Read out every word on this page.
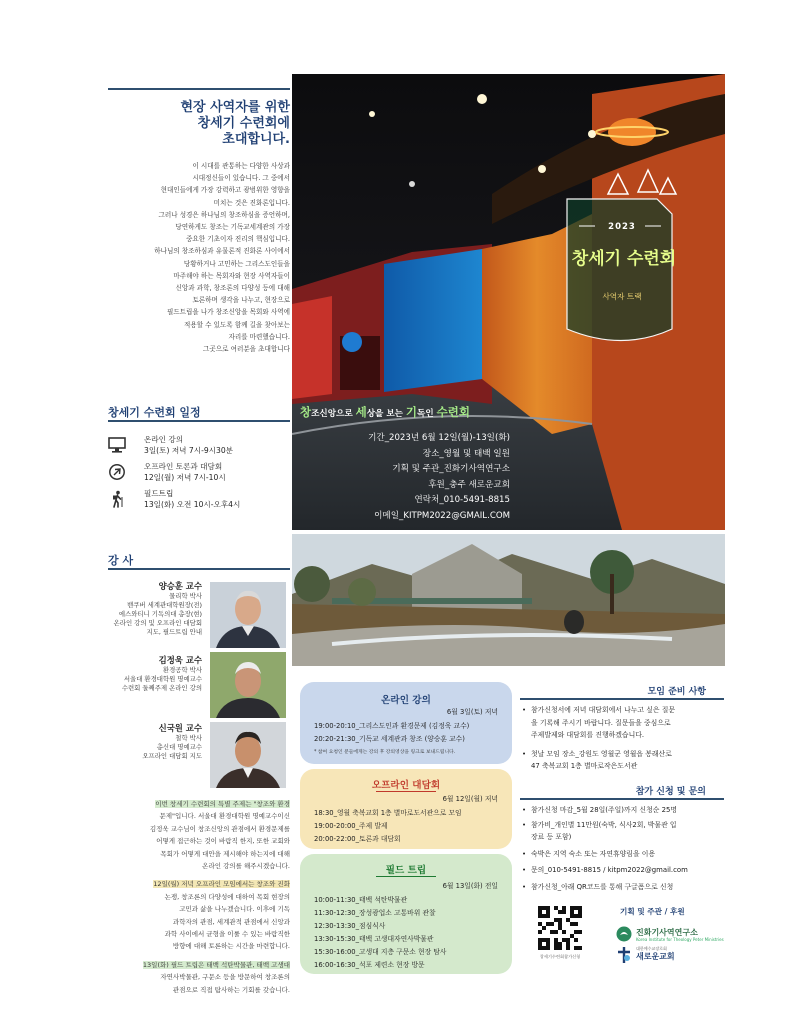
현장 사역자를 위한
창세기 수련회에
초대합니다.
이 시대를 관통하는 다양한 사상과
시대정신들이 있습니다. 그 중에서
현대인들에게 가장 강력하고 광범위한 영향을
미치는 것은 진화론입니다.
그러나 성경은 하나님의 창조하심을 증언하며,
당연하게도 창조는 기독교세계관의 가장
중요한 기초이자 진리의 핵심입니다.
하나님의 창조하심과 유물론적 진화론 사이에서
당황하거나 고민하는 그리스도인들을
마주해야 하는 목회자와 현장 사역자들이
신앙과 과학, 창조론의 다양성 등에 대해
토론하며 생각을 나누고, 현장으로
필드트립을 나가 창조신앙을 목회와 사역에
적용할 수 있도록 함께 길을 찾아보는
자리를 마련했습니다.
그곳으로 여러분을 초대합니다
창세기 수련회 일정
온라인 강의
3일(토) 저녁 7시-9시30분
오프라인 토론과 대담회
12일(월) 저녁 7시-10시
필드트립
13일(화) 오전 10시-오후4시
강 사
양승훈 교수
물리학 박사
밴쿠버 세계관대학원장(전)
에스와티니 기독의대 총장(현)
온라인 강의 및 오프라인 대담회
지도, 필드트립 안내
김정욱 교수
환경공학 박사
서울대 환경대학원 명예교수
수련회 둘째주제 온라인 강의
신국원 교수
철학 박사
총신대 명예교수
오프라인 대담회 지도
이번 창세기 수련회의 특별 주제는 "창조와 환경
문제"입니다. 서울대 환경대학원 명예교수이신
김정욱 교수님이 창조신앙의 관점에서 환경문제를
어떻게 접근하는 것이 바람직 한지, 또한 교회와
목회가 어떻게 대안을 제시해야 하는지에 대해
온라인 강의를 해주시겠습니다.
12일(월) 저녁 오프라인 모임에서는 창조와 진화
논쟁, 창조론의 다양성에 대하여 목회 현장의
고민과 삶을 나누겠습니다. 이후에 기독
과학자의 관점, 세계관적 관점에서 신앙과
과학 사이에서 균형을 이룰 수 있는 바람직한
방향에 대해 토론하는 시간을 마련합니다.
13일(화) 필드 트립은 태백 석탄박물관, 태백 고생대
자연사박물관, 구문소 등을 방문하여 창조론의
관점으로 직접 탐사하는 기회를 갖습니다.
2023
창세기 수련회
사역자 트랙
창조신앙으로 세상을 보는 기독인 수련회
기간_2023년 6월 12일(월)-13일(화)
장소_영월 및 태백 일원
기획 및 주관_진화기사역연구소
후원_충주 새로운교회
연락처_010-5491-8815
이메일_KITPM2022@GMAIL.COM
온라인 강의
6월 3일(토) 저녁
19:00-20:10_그리스도인과 환경문제 (김정욱 교수)
20:20-21:30_기독교 세계관과 창조 (양승훈 교수)
* 참여 요청인 분들에게는 강의 후 강의영상을 링크로 보내드립니다.
오프라인 대담회
6월 12일(월) 저녁
18:30_영월 축복교회 1층 별마로도서관으로 모임
19:00-20:00_주제 발제
20:00-22:00_토론과 대담회
필드 트립
6월 13일(화) 전일
10:00-11:30_태백 석탄박물관
11:30-12:30_장성광업소 고통바위 관찰
12:30-13:30_점심식사
13:30-15:30_태백 고생대자연사박물관
15:30-16:00_고생대 지층 구문소 현장 탐사
16:00-16:30_석포 제련소 현장 방문
모임 준비 사항
• 참가신청서에 저녁 대담회에서 나누고 싶은 질문
을 기록해 주시기 바랍니다. 질문들을 중심으로
주제발제와 대담회를 진행하겠습니다.
• 첫날 모임 장소_강원도 영월군 영월읍 봉래산로
47 축복교회 1층 별마로작은도서관
참가 신청 및 문의
• 참가신청 마감_5월 28일(주일)까지 신청순 25명
• 참가비_개인별 11만원(숙박, 식사2회, 박물관 입
장료 등 포함)
• 숙박은 지역 숙소 또는 자연휴양림을 이용
• 문의_010-5491-8815 / kitpm2022@gmail.com
• 참가신청_아래 QR코드를 통해 구글폼으로 신청
창세기수련회참가신청
기획 및 주관 / 후원
진화기사역연구소
Korea Institute for Theology Peter Ministries
대한예수교장로회
새로운교회
